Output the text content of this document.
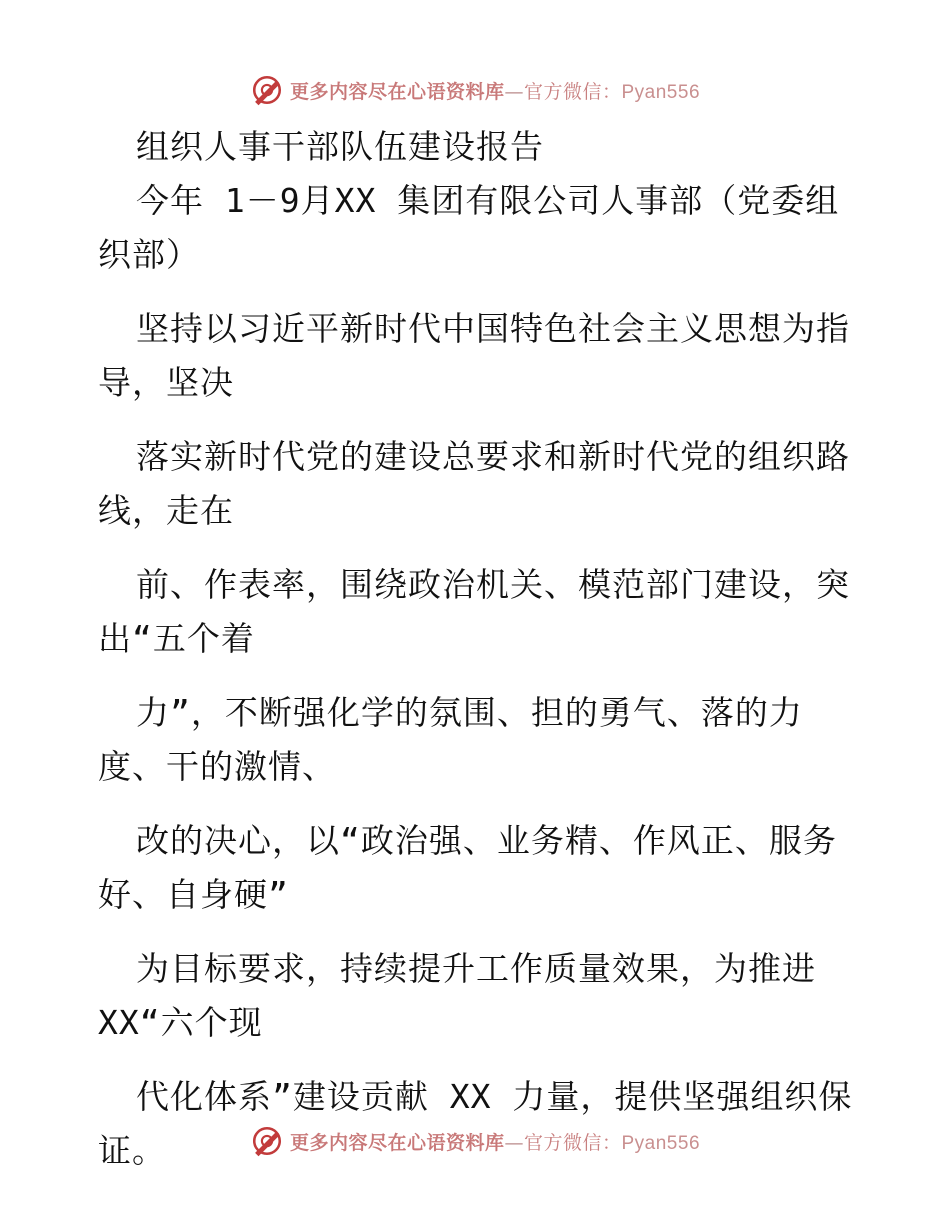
更多内容尽在心语资料库—官方微信：Pyan556
组织人事干部队伍建设报告
今年 1－9月XX 集团有限公司人事部（党委组
织部）
坚持以习近平新时代中国特色社会主义思想为指
导，坚决
落实新时代党的建设总要求和新时代党的组织路
线，走在
前、作表率，围绕政治机关、模范部门建设，突
出“五个着
力”，不断强化学的氛围、担的勇气、落的力
度、干的激情、
改的决心，以“政治强、业务精、作风正、服务
好、自身硬”
为目标要求，持续提升工作质量效果，为推进
XX“六个现
代化体系”建设贡献 XX 力量，提供坚强组织保
证。	更多内容尽在心语资料库—官方微信：Pyan556
